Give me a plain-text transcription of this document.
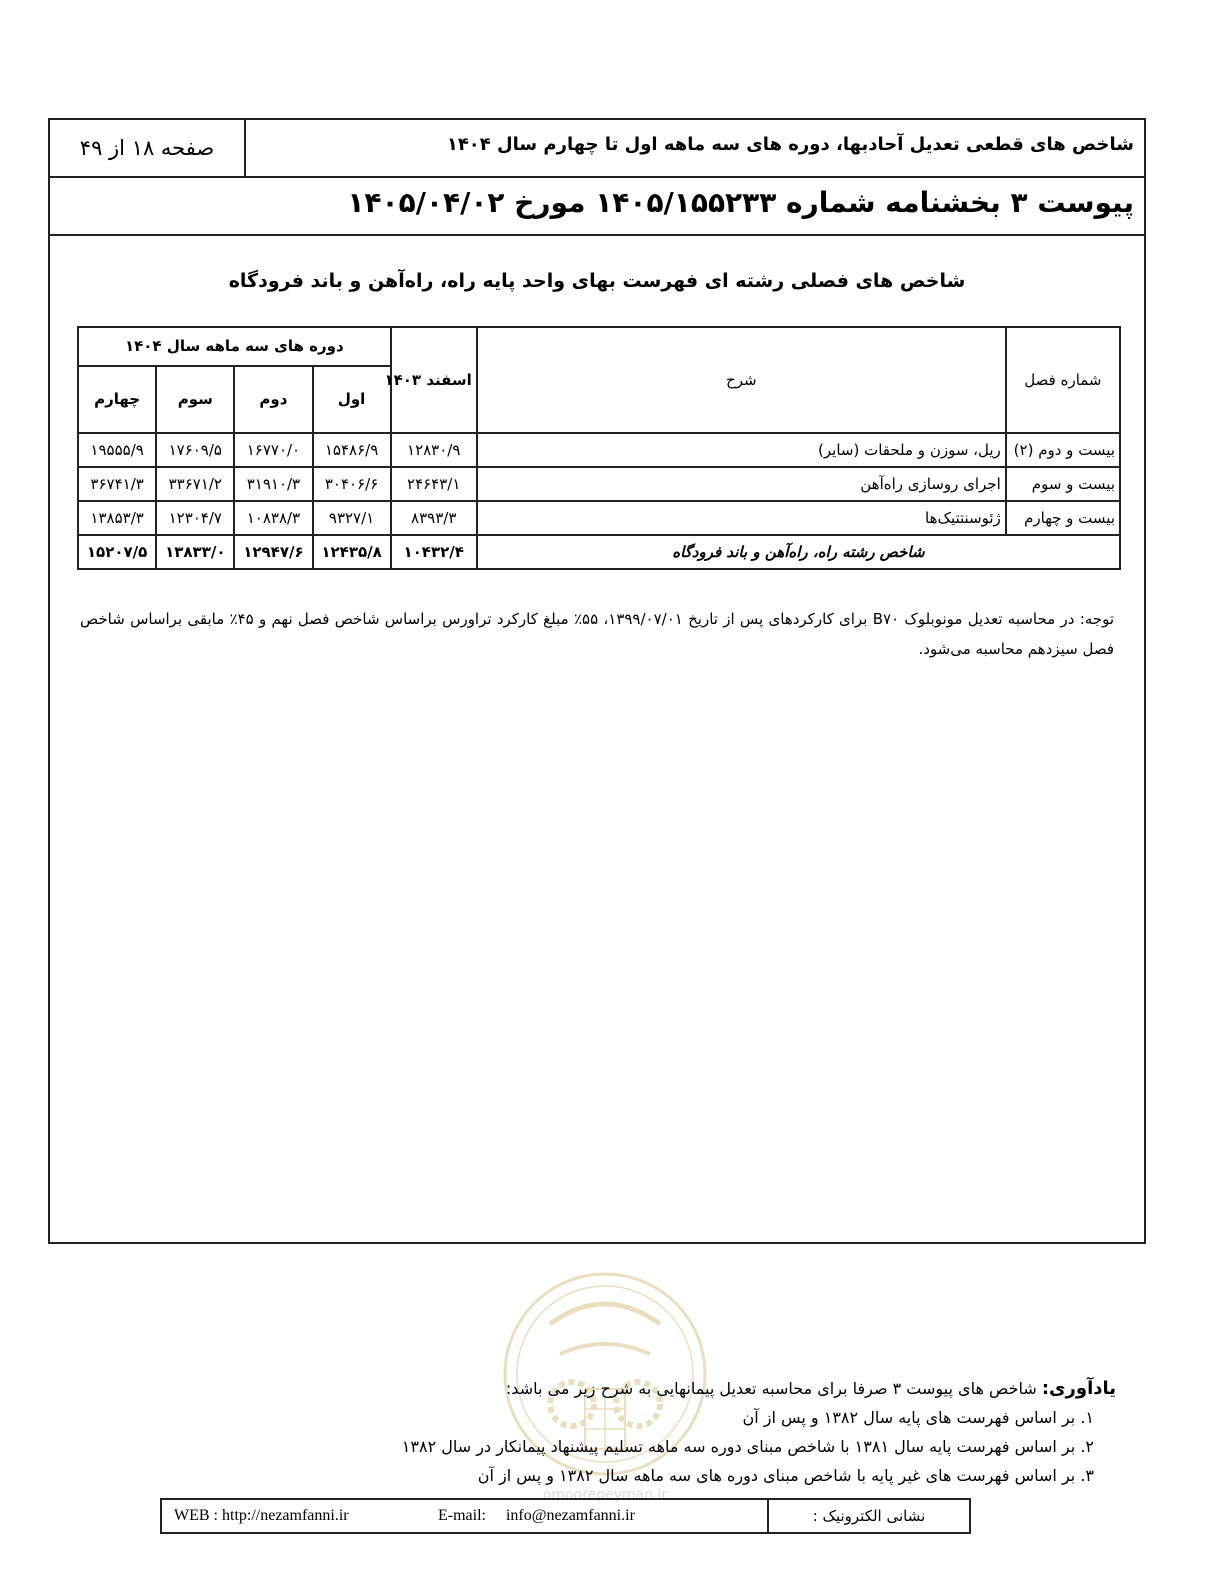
شاخص های قطعی تعدیل آحادبها، دوره های سه ماهه اول تا چهارم سال ۱۴۰۴
صفحه ۱۸ از ۴۹
پیوست ۳ بخشنامه شماره ۱۴۰۵/۱۵۵۲۳۳ مورخ ۱۴۰۵/۰۴/۰۲
شاخص های فصلی رشته ای فهرست بهای واحد پایه راه، راه‌آهن و باند فرودگاه
شماره فصل	شرح	اسفند ۱۴۰۳	دوره های سه ماهه سال ۱۴۰۴			
			اول	دوم	سوم	چهارم
بیست و دوم (۲)	ریل، سوزن و ملحقات (سایر)	۱۲۸۳۰/۹	۱۵۴۸۶/۹	۱۶۷۷۰/۰	۱۷۶۰۹/۵	۱۹۵۵۵/۹
بیست و سوم	اجرای روسازی راه‌آهن	۲۴۶۴۳/۱	۳۰۴۰۶/۶	۳۱۹۱۰/۳	۳۳۶۷۱/۲	۳۶۷۴۱/۳
بیست و چهارم	ژئوسنتتیک‌ها	۸۳۹۳/۳	۹۳۲۷/۱	۱۰۸۳۸/۳	۱۲۳۰۴/۷	۱۳۸۵۳/۳
شاخص رشته راه، راه‌آهن و باند فرودگاه		۱۰۴۳۲/۴	۱۲۴۳۵/۸	۱۲۹۴۷/۶	۱۳۸۳۳/۰	۱۵۲۰۷/۵
توجه: در محاسبه تعدیل مونوبلوک B۷۰ برای کارکردهای پس از تاریخ ۱۳۹۹/۰۷/۰۱، ۵۵٪ مبلغ کارکرد تراورس براساس شاخص فصل نهم و ۴۵٪ مابقی براساس شاخص فصل سیزدهم محاسبه می‌شود.
omoorepeyman.ir
یادآوری: شاخص های پیوست ۳ صرفا برای محاسبه تعدیل پیمانهایی به شرح زیر می باشد:
۱. بر اساس فهرست های پایه سال ۱۳۸۲ و پس از آن
۲. بر اساس فهرست پایه سال ۱۳۸۱ با شاخص مبنای دوره سه ماهه تسلیم پیشنهاد پیمانکار در سال ۱۳۸۲
۳. بر اساس فهرست های غیر پایه با شاخص مبنای دوره های سه ماهه سال ۱۳۸۲ و پس از آن
نشانی الکترونیک :
WEB : http://nezamfanni.ir	E-mail:     info@nezamfanni.ir
